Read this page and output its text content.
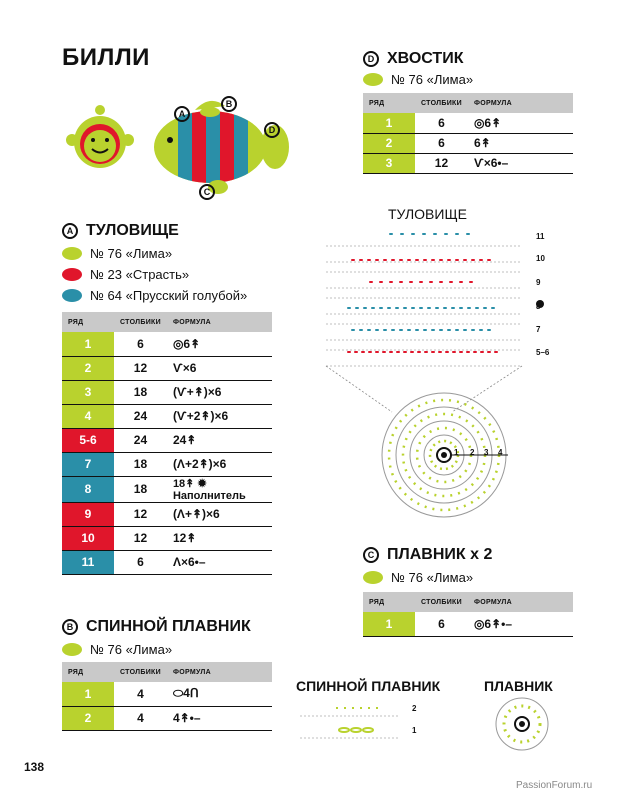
БИЛЛИ
A
B
D
C
A ТУЛОВИЩЕ
№ 76 «Лима»
№ 23 «Страсть»
№ 64 «Прусский голубой»
РЯД	СТОЛБИКИ	ФОРМУЛА
1	6	◎6↟
2	12	Ѵ×6
3	18	(Ѵ+↟)×6
4	24	(Ѵ+2↟)×6
5-6	24	24↟
7	18	(Λ+2↟)×6
8	18	18↟ ✹ Наполнитель
9	12	(Λ+↟)×6
10	12	12↟
11	6	Λ×6•–
B СПИННОЙ ПЛАВНИК
№ 76 «Лима»
РЯД	СТОЛБИКИ	ФОРМУЛА
1	4	⬭4Ո
2	4	4↟•–
D ХВОСТИК
№ 76 «Лима»
РЯД	СТОЛБИКИ	ФОРМУЛА
1	6	◎6↟
2	6	6↟
3	12	Ѵ×6•–
ТУЛОВИЩЕ
11
10
9
8
7
5–6
1 2 3 4
C ПЛАВНИК x 2
№ 76 «Лима»
РЯД	СТОЛБИКИ	ФОРМУЛА
1	6	◎6↟•–
СПИННОЙ ПЛАВНИК
2
1
ПЛАВНИК
138
PassionForum.ru
